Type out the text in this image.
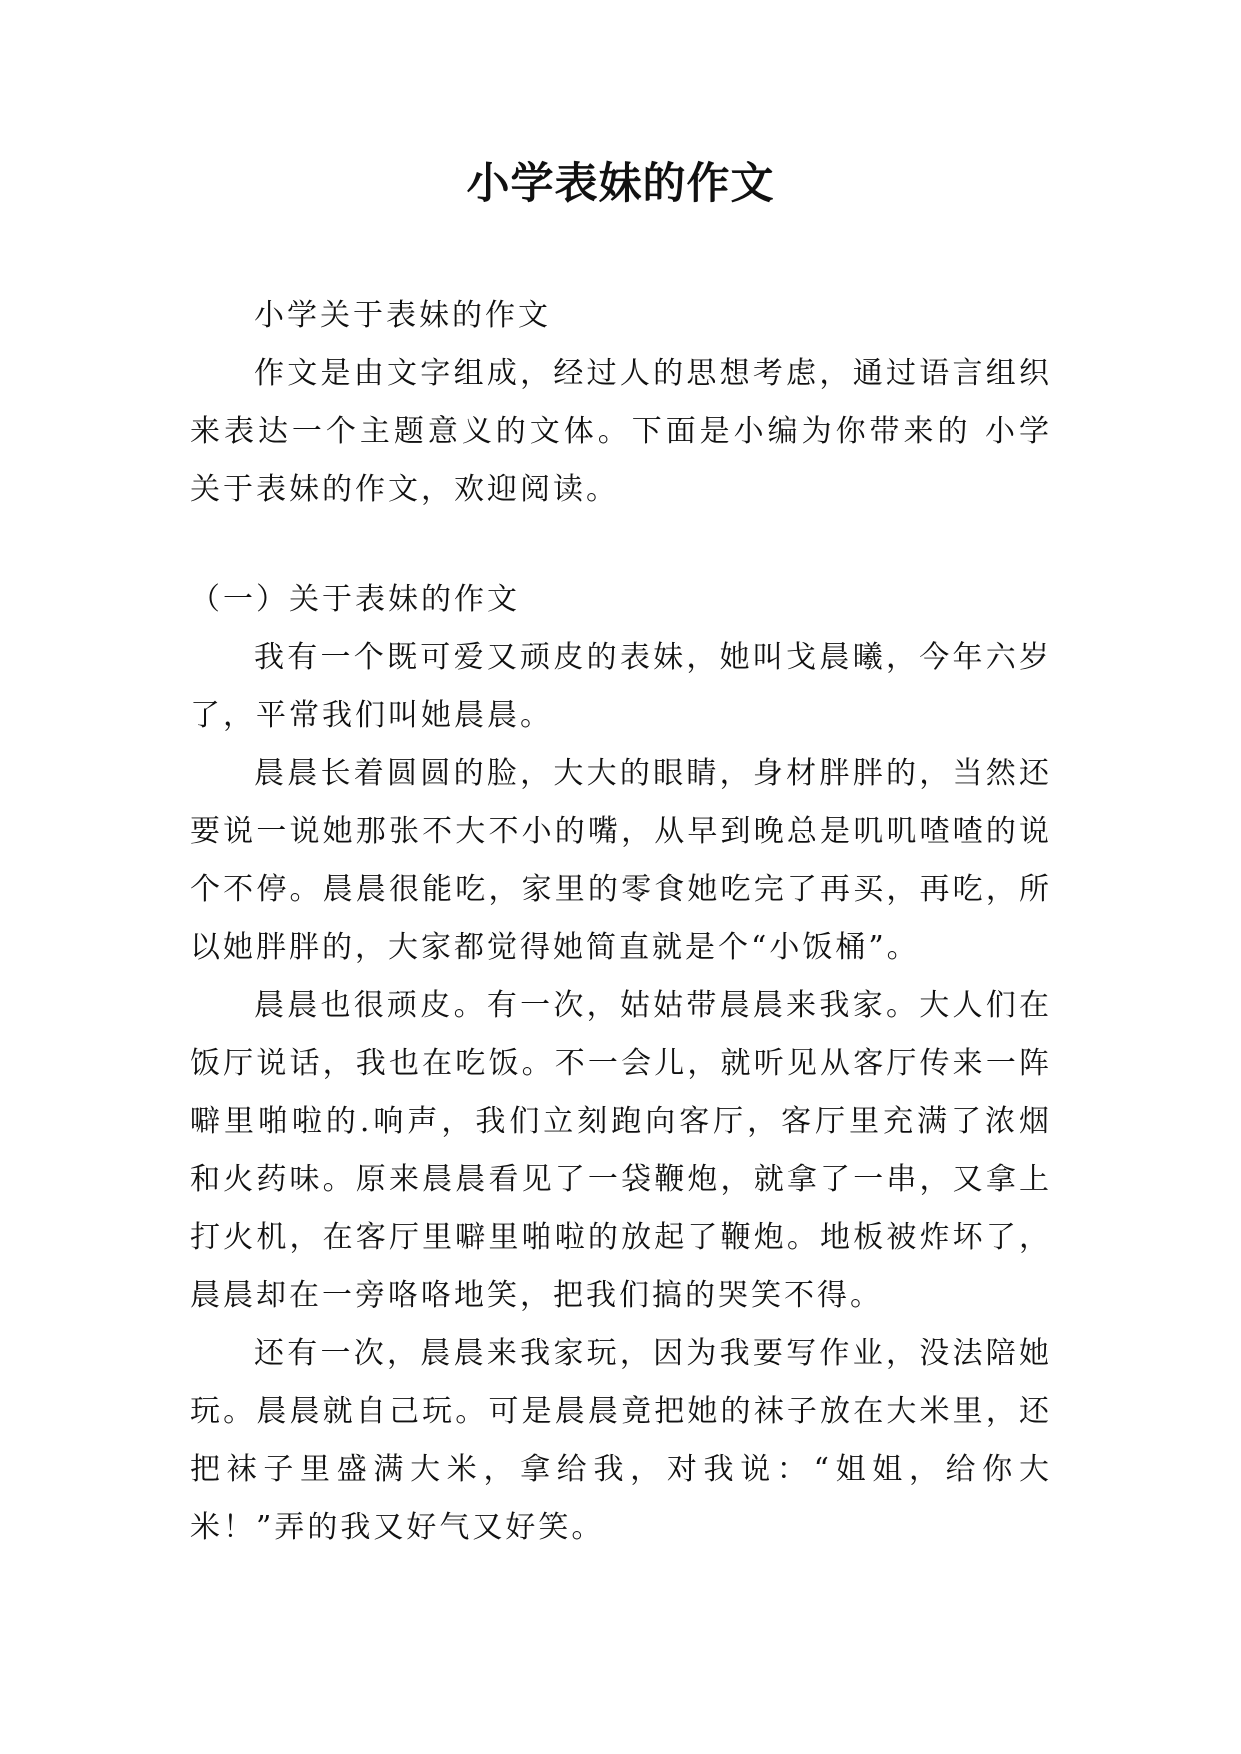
小学表妹的作文

小学关于表妹的作文

作文是由文字组成，经过人的思想考虑，通过语言组织来表达一个主题意义的文体。下面是小编为你带来的 小学关于表妹的作文，欢迎阅读。

（一）关于表妹的作文

我有一个既可爱又顽皮的表妹，她叫戈晨曦，今年六岁了，平常我们叫她晨晨。

晨晨长着圆圆的脸，大大的眼睛，身材胖胖的，当然还要说一说她那张不大不小的嘴，从早到晚总是叽叽喳喳的说个不停。晨晨很能吃，家里的零食她吃完了再买，再吃，所以她胖胖的，大家都觉得她简直就是个“小饭桶”。

晨晨也很顽皮。有一次，姑姑带晨晨来我家。大人们在饭厅说话，我也在吃饭。不一会儿，就听见从客厅传来一阵噼里啪啦的.响声，我们立刻跑向客厅，客厅里充满了浓烟和火药味。原来晨晨看见了一袋鞭炮，就拿了一串，又拿上打火机，在客厅里噼里啪啦的放起了鞭炮。地板被炸坏了，晨晨却在一旁咯咯地笑，把我们搞的哭笑不得。

还有一次，晨晨来我家玩，因为我要写作业，没法陪她玩。晨晨就自己玩。可是晨晨竟把她的袜子放在大米里，还把袜子里盛满大米，拿给我，对我说：“姐姐，给你大米！”弄的我又好气又好笑。
